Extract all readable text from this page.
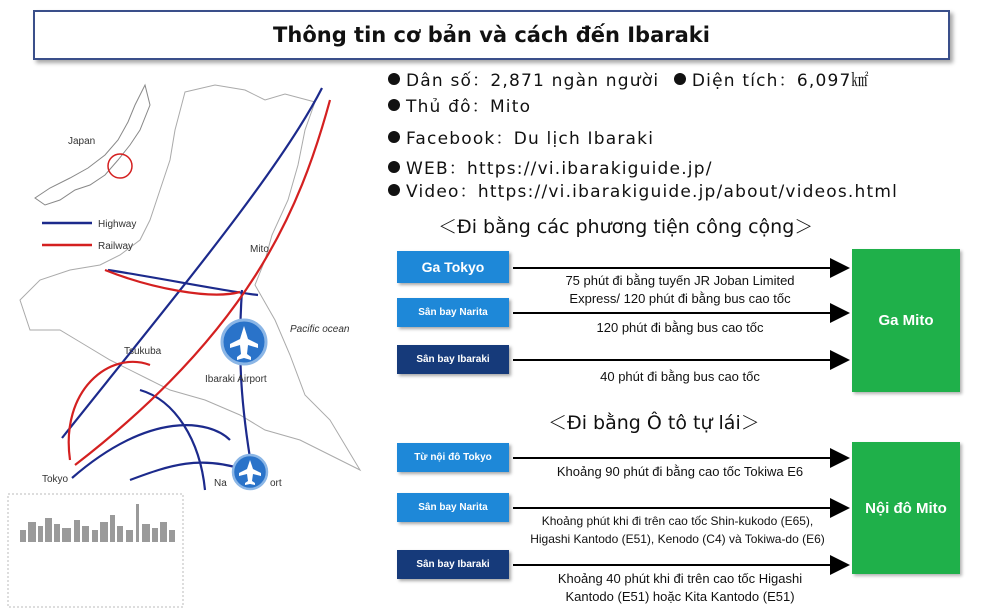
Thông tin cơ bản và cách đến Ibaraki
Japan
Highway
Railway	Mito
Tsukuba
Tokyo
Pacific ocean
Ibaraki Airport
Na	ort
Dân số：2,871 ngàn người Diện tích：6,097㎢
Thủ đô：Mito
Facebook：Du lịch Ibaraki
WEB：https://vi.ibarakiguide.jp/
Video：https://vi.ibarakiguide.jp/about/videos.html
＜Đi bằng các phương tiện công cộng＞
Ga Tokyo
Sân bay Narita
Sân bay Ibaraki
75 phút đi bằng tuyến JR Joban Limited
Express/ 120 phút đi bằng bus cao tốc
120 phút đi bằng bus cao tốc
40 phút đi bằng bus cao tốc
Ga Mito
＜Đi bằng Ô tô tự lái＞
Từ nội đô Tokyo
Sân bay Narita
Sân bay Ibaraki
Khoảng 90 phút đi bằng cao tốc Tokiwa E6
Khoảng phút khi đi trên cao tốc Shin-kukodo (E65),
Higashi Kantodo (E51), Kenodo (C4) và Tokiwa-do (E6)
Khoảng 40 phút khi đi trên cao tốc Higashi
Kantodo (E51) hoặc Kita Kantodo (E51)
Nội đô Mito
